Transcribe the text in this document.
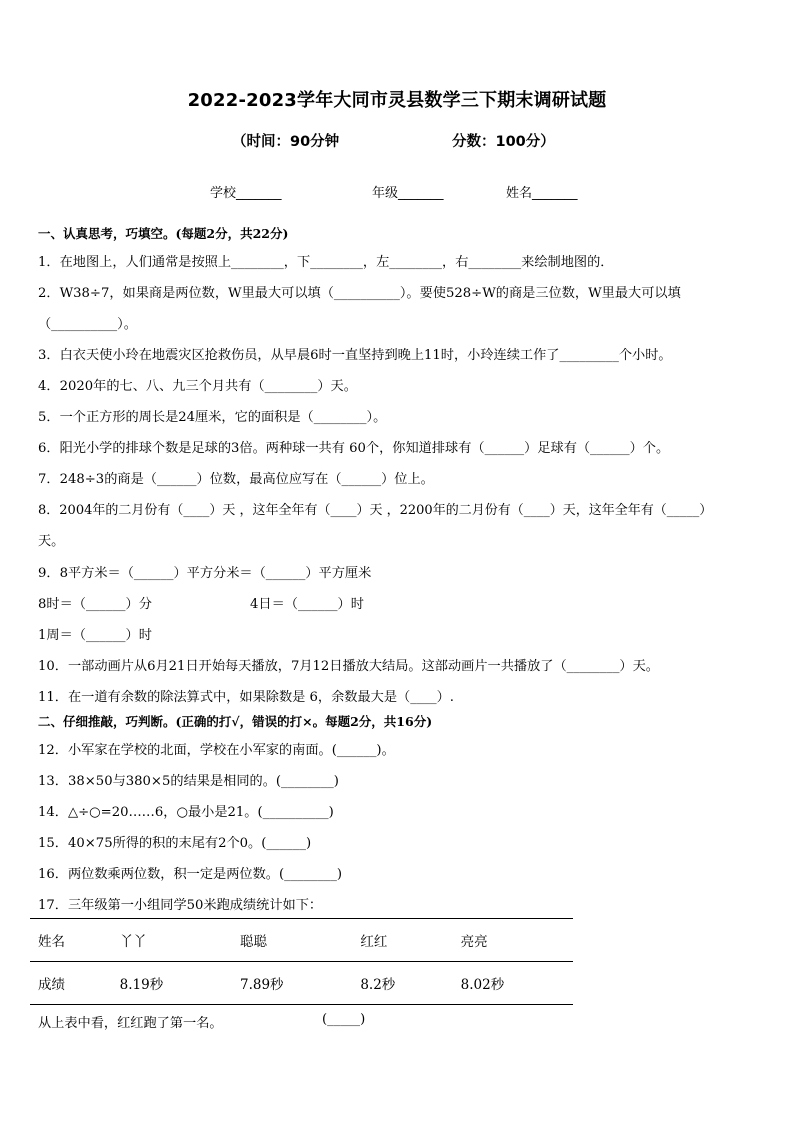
2022-2023学年大同市灵县数学三下期末调研试题
（时间：90分钟	分数：100分）
学校_______	年级_______	姓名_______
一、认真思考，巧填空。(每题2分，共22分)
1．在地图上，人们通常是按照上________，下________，左________，右________来绘制地图的．
2．W38÷7，如果商是两位数，W里最大可以填（__________）。要使528÷W的商是三位数，W里最大可以填
（__________）。
3．白衣天使小玲在地震灾区抢救伤员，从早晨6时一直坚持到晚上11时，小玲连续工作了_________个小时。
4．2020年的七、八、九三个月共有（________）天。
5．一个正方形的周长是24厘米，它的面积是（________）。
6．阳光小学的排球个数是足球的3倍。两种球一共有 60个，你知道排球有（______）足球有（______）个。
7．248÷3的商是（______）位数，最高位应写在（______）位上。
8．2004年的二月份有（____）天 ，这年全年有（____）天 ，2200年的二月份有（____）天，这年全年有（_____）
天。
9．8平方米＝（______）平方分米＝（______）平方厘米
8时＝（______）分	4日＝（______）时
1周＝（______）时
10．一部动画片从6月21日开始每天播放，7月12日播放大结局。这部动画片一共播放了（________）天。
11．在一道有余数的除法算式中，如果除数是 6，余数最大是（____）.
二、仔细推敲，巧判断。(正确的打√，错误的打×。每题2分，共16分)
12．小军家在学校的北面，学校在小军家的南面。(______)。
13．38×50与380×5的结果是相同的。(________)
14．△÷○=20……6，○最小是21。(__________)
15．40×75所得的积的末尾有2个0。(______)
16．两位数乘两位数，积一定是两位数。(________)
17．三年级第一小组同学50米跑成绩统计如下：
姓名	丫丫	聪聪	红红	亮亮
成绩	8.19秒	7.89秒	8.2秒	8.02秒
从上表中看，红红跑了第一名。	(_____)
